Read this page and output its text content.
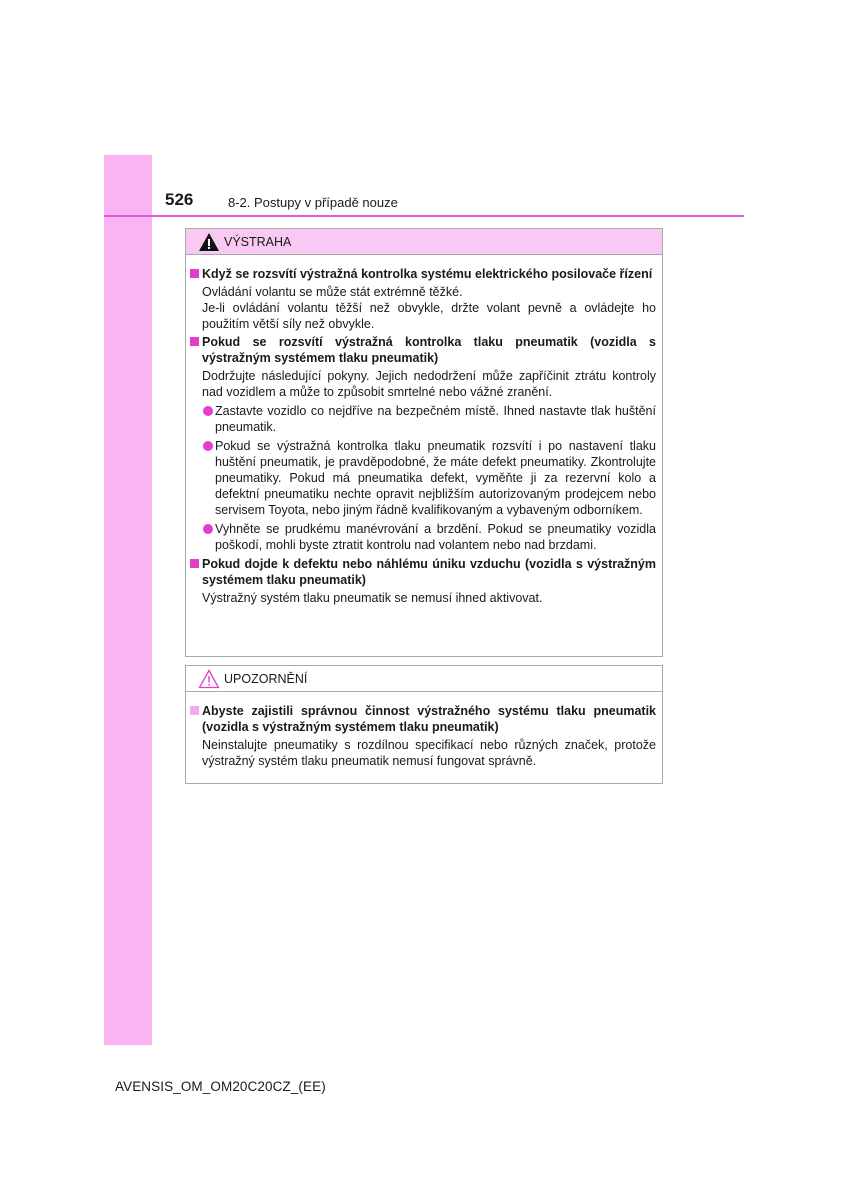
526	8-2. Postupy v případě nouze
VÝSTRAHA
Když se rozsvítí výstražná kontrolka systému elektrického posilovače řízení

Ovládání volantu se může stát extrémně těžké.

Je-li ovládání volantu těžší než obvykle, držte volant pevně a ovládejte ho použitím větší síly než obvykle.

Pokud se rozsvítí výstražná kontrolka tlaku pneumatik (vozidla s výstražným systémem tlaku pneumatik)

Dodržujte následující pokyny. Jejich nedodržení může zapříčinit ztrátu kontroly nad vozidlem a může to způsobit smrtelné nebo vážné zranění.

Zastavte vozidlo co nejdříve na bezpečném místě. Ihned nastavte tlak huštění pneumatik.
Pokud se výstražná kontrolka tlaku pneumatik rozsvítí i po nastavení tlaku huštění pneumatik, je pravděpodobné, že máte defekt pneumatiky. Zkontrolujte pneumatiky. Pokud má pneumatika defekt, vyměňte ji za rezervní kolo a defektní pneumatiku nechte opravit nejbližším autorizovaným prodejcem nebo servisem Toyota, nebo jiným řádně kvalifikovaným a vybaveným odborníkem.
Vyhněte se prudkému manévrování a brzdění. Pokud se pneumatiky vozidla poškodí, mohli byste ztratit kontrolu nad volantem nebo nad brzdami.
Pokud dojde k defektu nebo náhlému úniku vzduchu (vozidla s výstražným systémem tlaku pneumatik)

Výstražný systém tlaku pneumatik se nemusí ihned aktivovat.

UPOZORNĚNÍ
Abyste zajistili správnou činnost výstražného systému tlaku pneumatik (vozidla s výstražným systémem tlaku pneumatik)

Neinstalujte pneumatiky s rozdílnou specifikací nebo různých značek, protože výstražný systém tlaku pneumatik nemusí fungovat správně.

AVENSIS_OM_OM20C20CZ_(EE)
